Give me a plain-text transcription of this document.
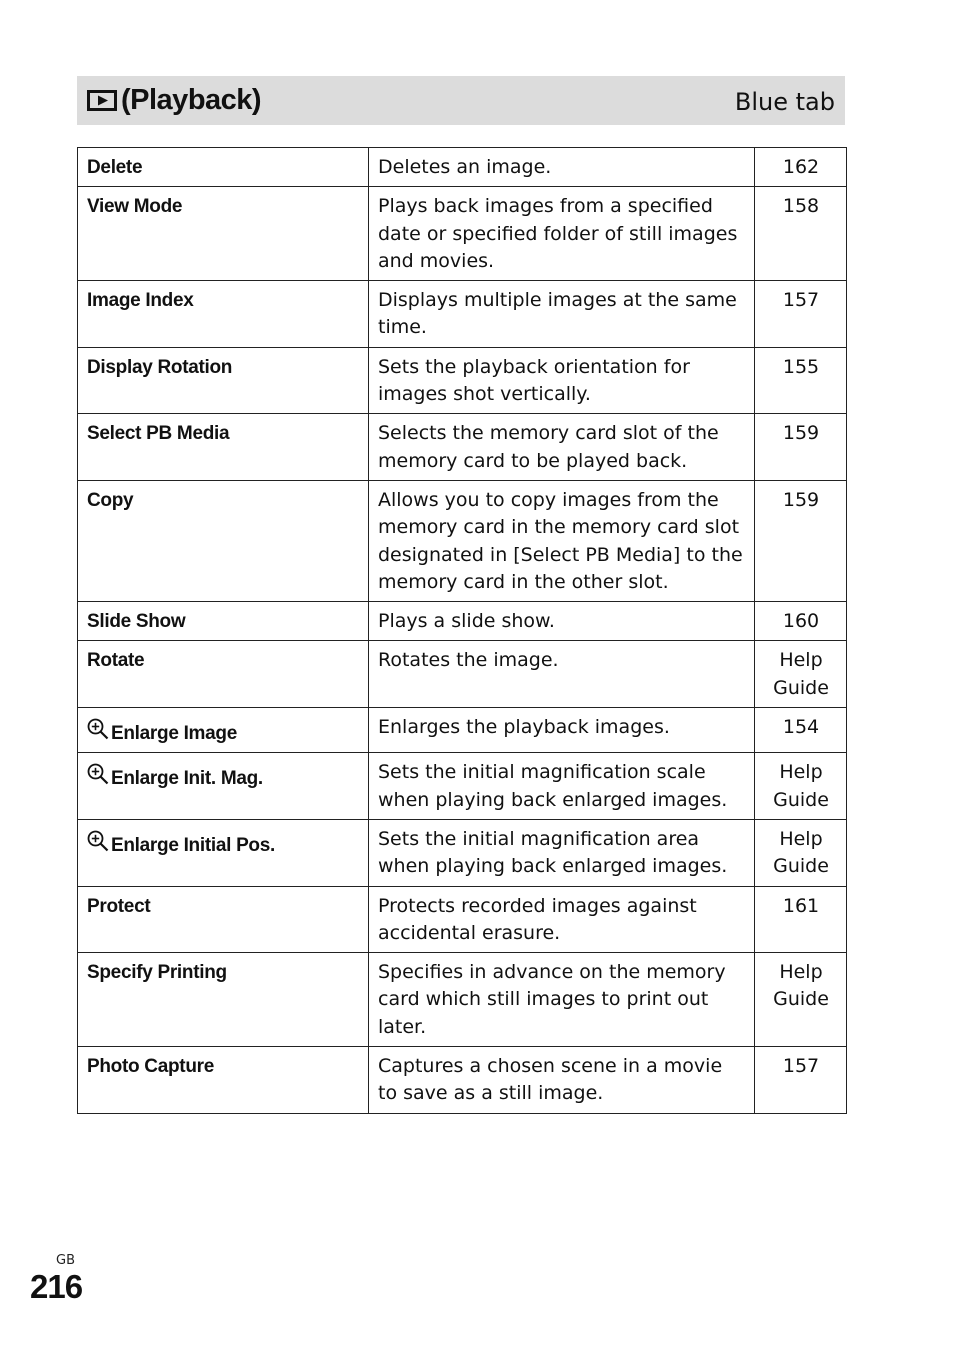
(Playback)	Blue tab
Delete	Deletes an image.	162
View Mode	Plays back images from a specified date or specified folder of still images and movies.	158
Image Index	Displays multiple images at the same time.	157
Display Rotation	Sets the playback orientation for images shot vertically.	155
Select PB Media	Selects the memory card slot of the memory card to be played back.	159
Copy	Allows you to copy images from the memory card in the memory card slot designated in [Select PB Media] to the memory card in the other slot.	159
Slide Show	Plays a slide show.	160
Rotate	Rotates the image.	Help Guide

Enlarge Image	Enlarges the playback images.	154

Enlarge Init. Mag.	Sets the initial magnification scale when playing back enlarged images.	Help Guide

Enlarge Initial Pos.	Sets the initial magnification area when playing back enlarged images.	Help Guide
Protect	Protects recorded images against accidental erasure.	161
Specify Printing	Specifies in advance on the memory card which still images to print out later.	Help Guide
Photo Capture	Captures a chosen scene in a movie to save as a still image.	157
GB
216
